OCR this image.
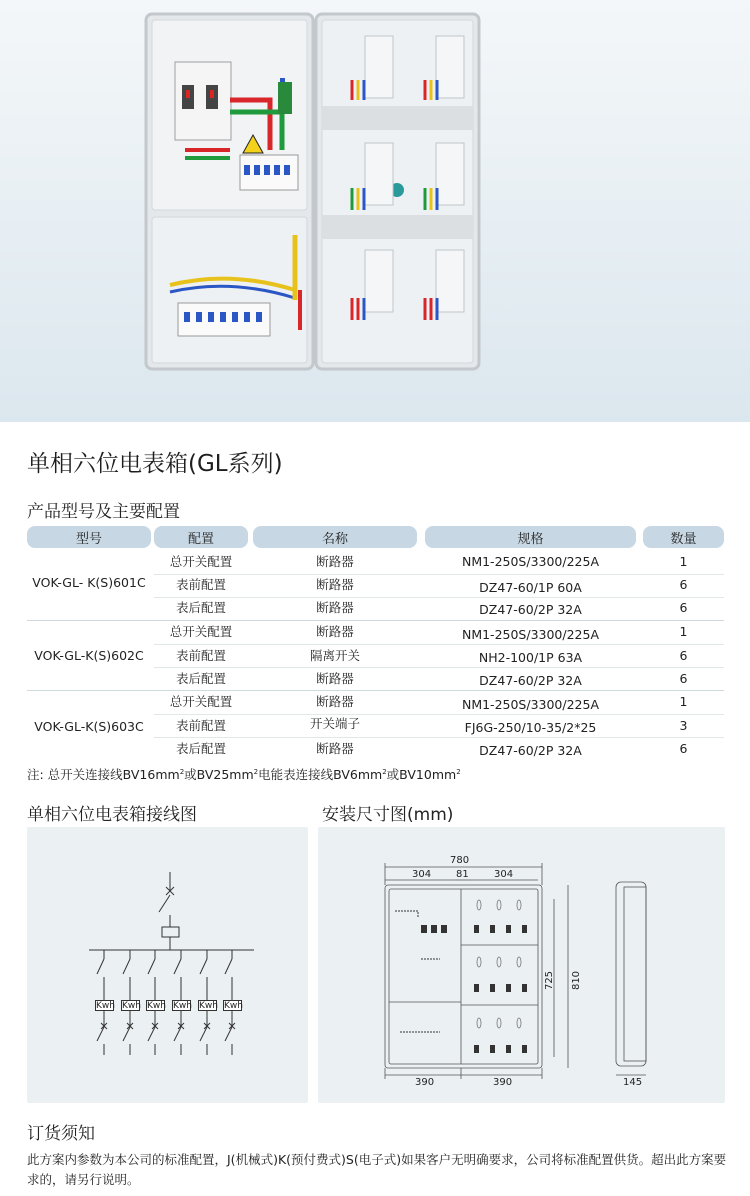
单相六位电表箱(GL系列)
产品型号及主要配置
型号	配置	名称	规格	数量
VOK-GL- K(S)601C
总开关配置	断路器	NM1-250S/3300/225A	1
表前配置	断路器	DZ47-60/1P 60A	6
表后配置	断路器	DZ47-60/2P 32A	6
VOK-GL-K(S)602C
总开关配置	断路器	NM1-250S/3300/225A	1
表前配置	隔离开关	NH2-100/1P 63A	6
表后配置	断路器	DZ47-60/2P 32A	6
VOK-GL-K(S)603C
总开关配置	断路器	NM1-250S/3300/225A	1
表前配置	开关端子	FJ6G-250/10-35/2*25	3
表后配置	断路器	DZ47-60/2P 32A	6
注: 总开关连接线$BV16mm^2$或$BV25mm^2$电能表连接线$BV6mm^2$或$BV10mm^2$
单相六位电表箱接线图	安装尺寸图(mm)
Kwh Kwh Kwh Kwh Kwh Kwh
780
304 81	304
725 810
390	390	145
订货须知
此方案内参数为本公司的标准配置，J(机械式)K(预付费式)S(电子式)如果客户无明确要求，公司将标准配置供货。超出此方案要求的，请另行说明。
